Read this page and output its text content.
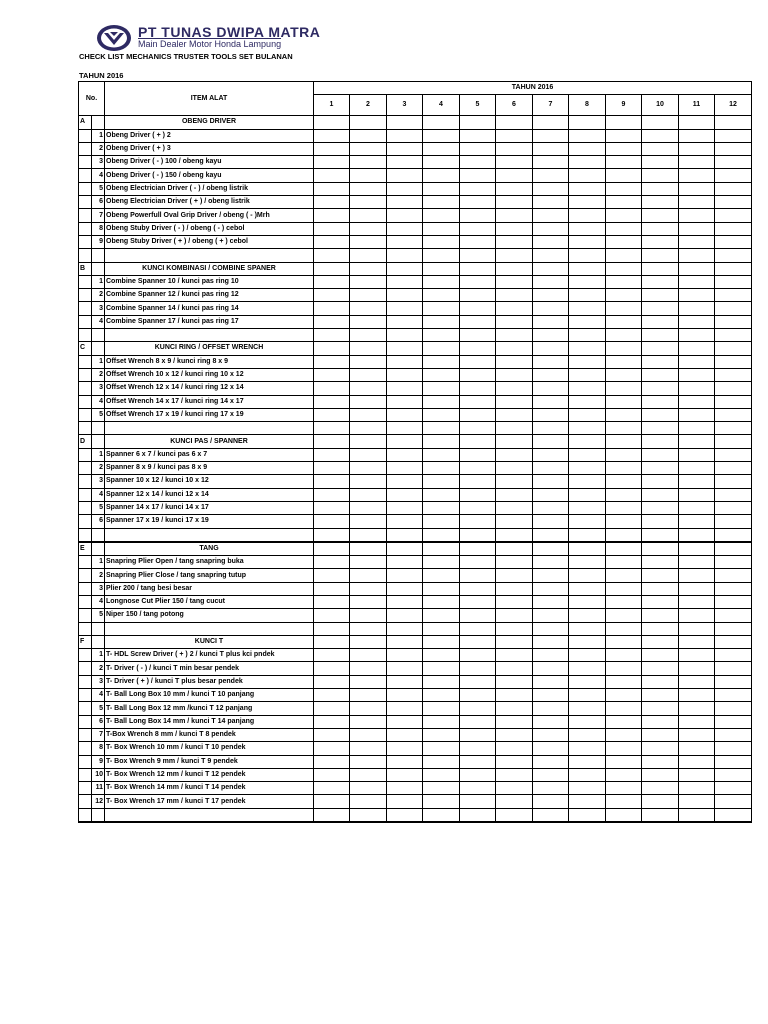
PT TUNAS DWIPA MATRA
Main Dealer Motor Honda Lampung
CHECK LIST MECHANICS TRUSTER TOOLS SET BULANAN
TAHUN 2016
No.		ITEM ALAT	TAHUN 2016											
			1	2	3	4	5	6	7	8	9	10	11	12
A		OBENG DRIVER												
	1	Obeng Driver ( + ) 2												
	2	Obeng Driver ( + ) 3												
	3	Obeng Driver ( - ) 100 / obeng kayu												
	4	Obeng Driver ( - ) 150 / obeng kayu												
	5	Obeng Electrician Driver ( - ) / obeng listrik												
	6	Obeng Electrician Driver ( + ) / obeng listrik												
	7	Obeng Powerfull Oval Grip Driver / obeng ( - )Mrh												
	8	Obeng Stuby Driver ( - ) / obeng ( - ) cebol												
	9	Obeng Stuby Driver ( + ) / obeng ( + ) cebol												

B		KUNCI KOMBINASI / COMBINE SPANER												
	1	Combine Spanner 10 / kunci pas ring 10												
	2	Combine Spanner 12 / kunci pas ring 12												
	3	Combine Spanner 14 / kunci pas ring 14												
	4	Combine Spanner 17 / kunci pas ring 17												

C		KUNCI RING / OFFSET WRENCH												
	1	Offset Wrench 8 x 9 / kunci ring 8 x 9												
	2	Offset Wrench 10 x 12 / kunci ring 10 x 12												
	3	Offset Wrench 12 x 14 / kunci ring 12 x 14												
	4	Offset Wrench 14 x 17 / kunci ring 14 x 17												
	5	Offset Wrench 17 x 19 / kunci ring 17 x 19												

D		KUNCI PAS / SPANNER												
	1	Spanner 6 x 7 / kunci pas 6 x 7												
	2	Spanner 8 x 9 / kunci pas 8 x 9												
	3	Spanner 10 x 12 / kunci 10 x 12												
	4	Spanner 12 x 14 / kunci 12 x 14												
	5	Spanner 14 x 17 / kunci 14 x 17												
	6	Spanner 17 x 19 / kunci 17 x 19												

E		TANG												
	1	Snapring Plier Open / tang snapring buka												
	2	Snapring Plier Close / tang snapring tutup												
	3	Plier 200 / tang besi besar												
	4	Longnose Cut Plier 150 / tang cucut												
	5	Niper 150 / tang potong												

F		KUNCI T												
	1	T- HDL Screw Driver ( + ) 2 / kunci T plus kci pndek												
	2	T- Driver ( - ) / kunci T min besar pendek												
	3	T- Driver ( + ) / kunci T plus besar pendek												
	4	T- Ball Long Box 10 mm / kunci T 10 panjang												
	5	T- Ball Long Box 12 mm /kunci T 12 panjang												
	6	T- Ball Long Box 14 mm / kunci T 14 panjang												
	7	T-Box Wrench 8 mm / kunci T 8 pendek												
	8	T- Box Wrench 10 mm / kunci T 10 pendek												
	9	T- Box Wrench 9 mm / kunci T 9 pendek												
	10	T- Box Wrench 12 mm / kunci T 12 pendek												
	11	T- Box Wrench 14 mm / kunci T 14 pendek												
	12	T- Box Wrench 17 mm / kunci T 17 pendek												
